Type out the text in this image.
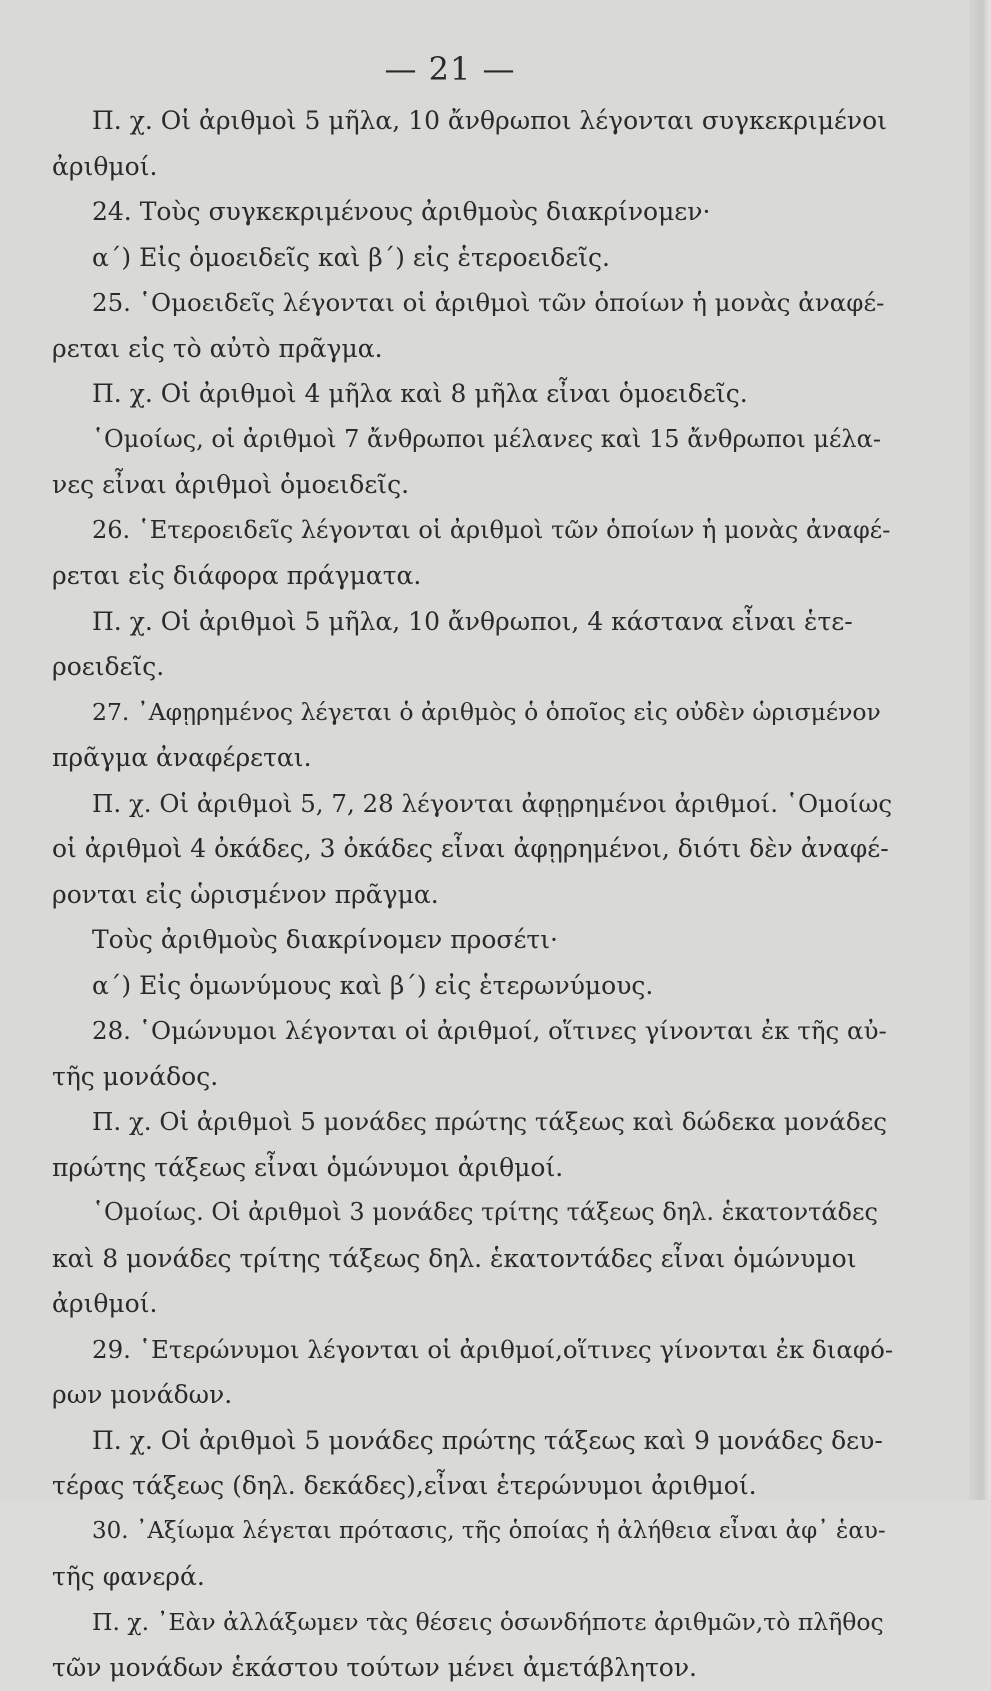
— 21 —
Π. χ. Οἱ ἀριθμοὶ 5 μῆλα, 10 ἄνθρωποι λέγονται συγκεκριμένοι
ἀριθμοί.
24. Τοὺς συγκεκριμένους ἀριθμοὺς διακρίνομεν·
α΄) Εἰς ὁμοειδεῖς καὶ β΄) εἰς ἑτεροειδεῖς.
25. ῾Ομοειδεῖς λέγονται οἱ ἀριθμοὶ τῶν ὁποίων ἡ μονὰς ἀναφέ-
ρεται εἰς τὸ αὐτὸ πρᾶγμα.
Π. χ. Οἱ ἀριθμοὶ 4 μῆλα καὶ 8 μῆλα εἶναι ὁμοειδεῖς.
῾Ομοίως, οἱ ἀριθμοὶ 7 ἄνθρωποι μέλανες καὶ 15 ἄνθρωποι μέλα-
νες εἶναι ἀριθμοὶ ὁμοειδεῖς.
26. ῾Ετεροειδεῖς λέγονται οἱ ἀριθμοὶ τῶν ὁποίων ἡ μονὰς ἀναφέ-
ρεται εἰς διάφορα πράγματα.
Π. χ. Οἱ ἀριθμοὶ 5 μῆλα, 10 ἄνθρωποι, 4 κάστανα εἶναι ἑτε-
ροειδεῖς.
27. ᾿Αφῃρημένος λέγεται ὁ ἀριθμὸς ὁ ὁποῖος εἰς οὐδὲν ὡρισμένον
πρᾶγμα ἀναφέρεται.
Π. χ. Οἱ ἀριθμοὶ 5, 7, 28 λέγονται ἀφῃρημένοι ἀριθμοί. ῾Ομοίως
οἱ ἀριθμοὶ 4 ὀκάδες, 3 ὀκάδες εἶναι ἀφῃρημένοι, διότι δὲν ἀναφέ-
ρονται εἰς ὡρισμένον πρᾶγμα.
Τοὺς ἀριθμοὺς διακρίνομεν προσέτι·
α΄) Εἰς ὁμωνύμους καὶ β΄) εἰς ἑτερωνύμους.
28. ῾Ομώνυμοι λέγονται οἱ ἀριθμοί, οἵτινες γίνονται ἐκ τῆς αὐ-
τῆς μονάδος.
Π. χ. Οἱ ἀριθμοὶ 5 μονάδες πρώτης τάξεως καὶ δώδεκα μονάδες
πρώτης τάξεως εἶναι ὁμώνυμοι ἀριθμοί.
῾Ομοίως. Οἱ ἀριθμοὶ 3 μονάδες τρίτης τάξεως δηλ. ἑκατοντάδες
καὶ 8 μονάδες τρίτης τάξεως δηλ. ἑκατοντάδες εἶναι ὁμώνυμοι
ἀριθμοί.
29. ῾Ετερώνυμοι λέγονται οἱ ἀριθμοί,οἵτινες γίνονται ἐκ διαφό-
ρων μονάδων.
Π. χ. Οἱ ἀριθμοὶ 5 μονάδες πρώτης τάξεως καὶ 9 μονάδες δευ-
τέρας τάξεως (δηλ. δεκάδες),εἶναι ἑτερώνυμοι ἀριθμοί.
30. ᾿Αξίωμα λέγεται πρότασις, τῆς ὁποίας ἡ ἀλήθεια εἶναι ἀφ᾿ ἑαυ-
τῆς φανερά.
Π. χ. ᾿Εὰν ἀλλάξωμεν τὰς θέσεις ὁσωνδήποτε ἀριθμῶν,τὸ πλῆθος
τῶν μονάδων ἑκάστου τούτων μένει ἀμετάβλητον.
